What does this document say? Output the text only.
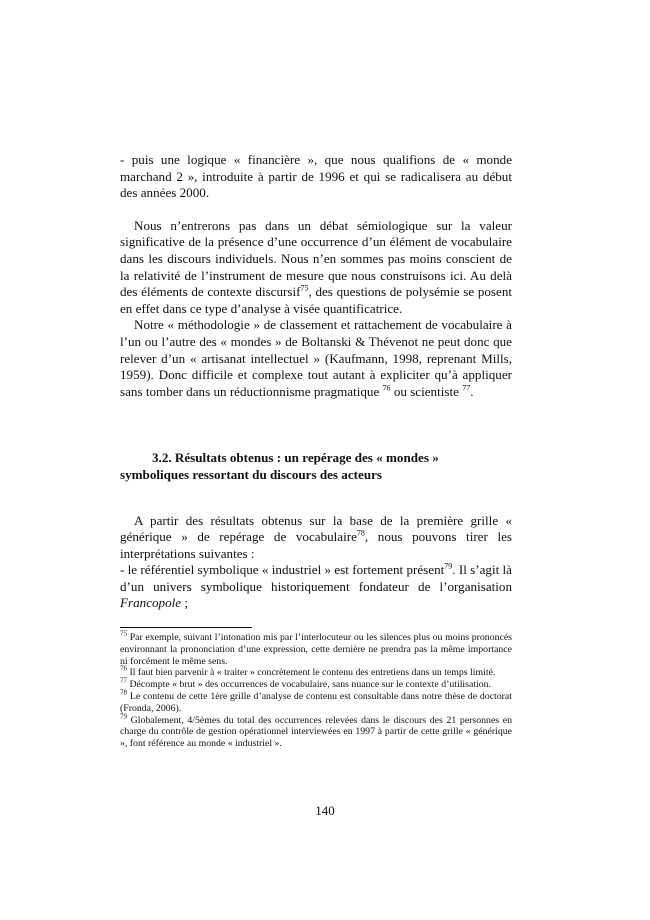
- puis une logique « financière », que nous qualifions de « monde marchand 2 », introduite à partir de 1996 et qui se radicalisera au début des années 2000.

Nous n’entrerons pas dans un débat sémiologique sur la valeur significative de la présence d’une occurrence d’un élément de vocabulaire dans les discours individuels. Nous n’en sommes pas moins conscient de la relativité de l’instrument de mesure que nous construisons ici. Au delà des éléments de contexte discursif$^{75}$, des questions de polysémie se posent en effet dans ce type d’analyse à visée quantificatrice.

Notre « méthodologie » de classement et rattachement de vocabulaire à l’un ou l’autre des « mondes » de Boltanski & Thévenot ne peut donc que relever d’un « artisanat intellectuel » (Kaufmann, 1998, reprenant Mills, 1959). Donc difficile et complexe tout autant à expliciter qu’à appliquer sans tomber dans un réductionnisme pragmatique $^{76}$ ou scientiste $^{77}$.

3.2. Résultats obtenus : un repérage des « mondes »
symboliques ressortant du discours des acteurs

A partir des résultats obtenus sur la base de la première grille « générique » de repérage de vocabulaire$^{78}$, nous pouvons tirer les interprétations suivantes :

- le référentiel symbolique « industriel » est fortement présent$^{79}$. Il s’agit là d’un univers symbolique historiquement fondateur de l’organisation Francopole ;

$^{75}$ Par exemple, suivant l’intonation mis par l’interlocuteur ou les silences plus ou moins prononcés environnant la prononciation d’une expression, cette dernière ne prendra pas la même importance ni forcément le même sens.

$^{76}$ Il faut bien parvenir à « traiter » concrètement le contenu des entretiens dans un temps limité.

$^{77}$ Décompte « brut » des occurrences de vocabulaire, sans nuance sur le contexte d’utilisation.

$^{78}$ Le contenu de cette 1ère grille d’analyse de contenu est consultable dans notre thèse de doctorat (Fronda, 2006).

$^{79}$ Globalement, 4/5èmes du total des occurrences relevées dans le discours des 21 personnes en charge du contrôle de gestion opérationnel interviewées en 1997 à partir de cette grille « générique », font référence au monde « industriel ».

140
